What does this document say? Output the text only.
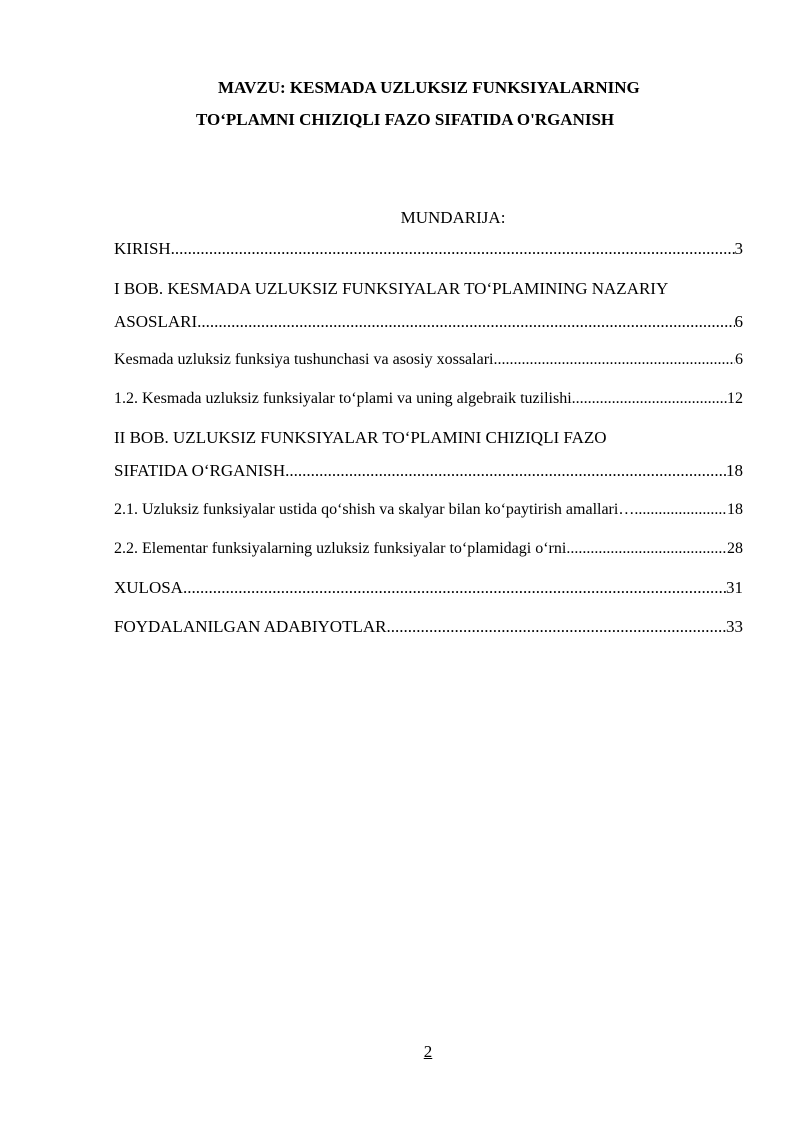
MAVZU: KESMADA UZLUKSIZ FUNKSIYALARNING
TO‘PLAMNI CHIZIQLI FAZO SIFATIDA O'RGANISH
MUNDARIJA:
KIRISH .....	3
I BOB. KESMADA UZLUKSIZ FUNKSIYALAR TO‘PLAMINING NAZARIY
ASOSLARI .....	6
Kesmada uzluksiz funksiya tushunchasi va asosiy xossalari .....	6
1.2. Kesmada uzluksiz funksiyalar to‘plami va uning algebraik tuzilishi .....	12
II BOB. UZLUKSIZ FUNKSIYALAR TO‘PLAMINI CHIZIQLI FAZO
SIFATIDA O‘RGANISH .....	18
2.1. Uzluksiz funksiyalar ustida qo‘shish va skalyar bilan ko‘paytirish amallari… .....	18
2.2. Elementar funksiyalarning uzluksiz funksiyalar to‘plamidagi o‘rni .....	28
XULOSA .....	31
FOYDALANILGAN ADABIYOTLAR .....	33
2
